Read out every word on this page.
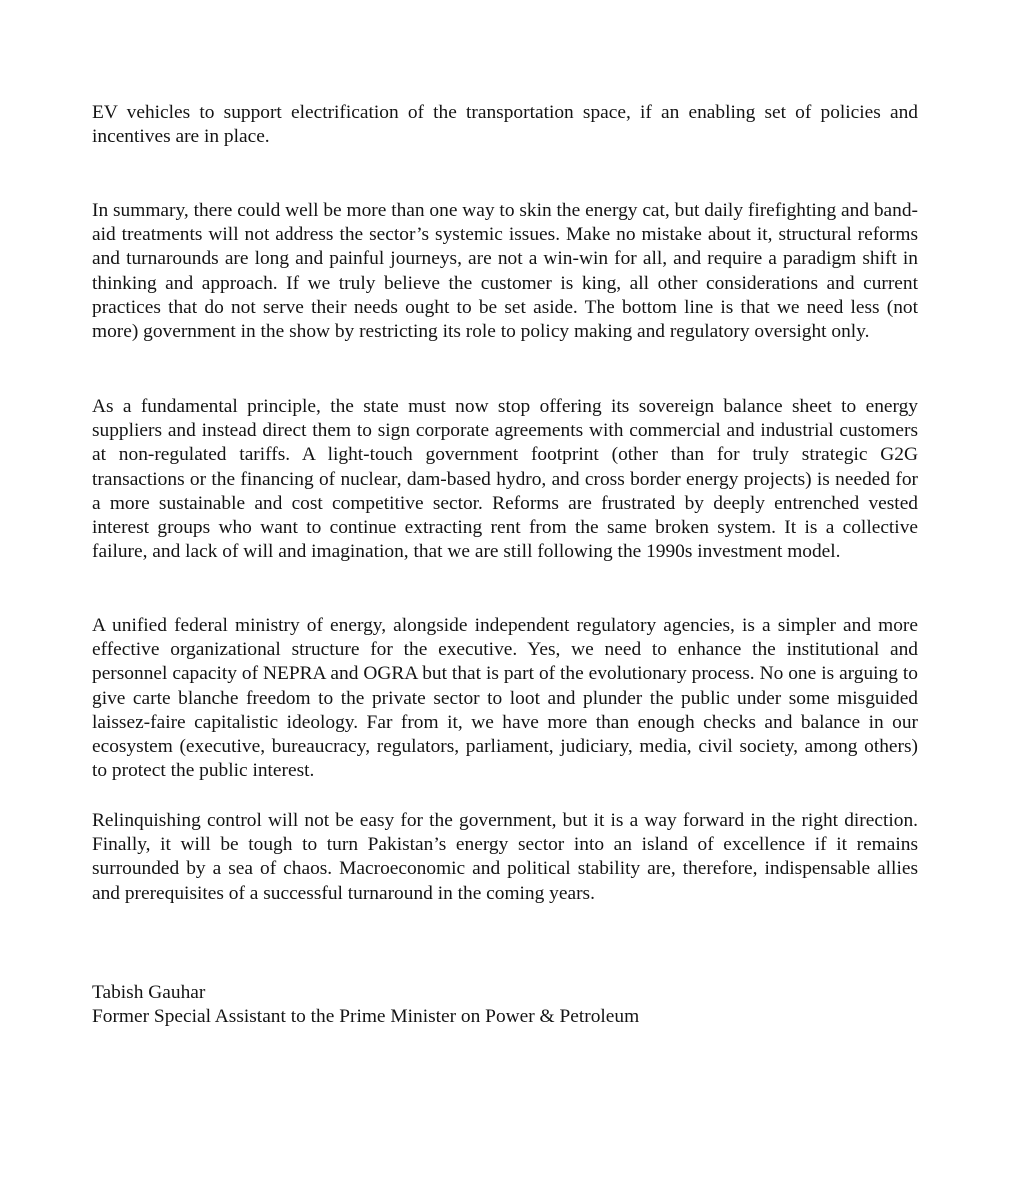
EV vehicles to support electrification of the transportation space, if an enabling set of policies and incentives are in place.

In summary, there could well be more than one way to skin the energy cat, but daily firefighting and band-aid treatments will not address the sector’s systemic issues. Make no mistake about it, structural reforms and turnarounds are long and painful journeys, are not a win-win for all, and require a paradigm shift in thinking and approach. If we truly believe the customer is king, all other considerations and current practices that do not serve their needs ought to be set aside. The bottom line is that we need less (not more) government in the show by restricting its role to policy making and regulatory oversight only.

As a fundamental principle, the state must now stop offering its sovereign balance sheet to energy suppliers and instead direct them to sign corporate agreements with commercial and industrial customers at non-regulated tariffs. A light-touch government footprint (other than for truly strategic G2G transactions or the financing of nuclear, dam-based hydro, and cross border energy projects) is needed for a more sustainable and cost competitive sector. Reforms are frustrated by deeply entrenched vested interest groups who want to continue extracting rent from the same broken system. It is a collective failure, and lack of will and imagination, that we are still following the 1990s investment model.

A unified federal ministry of energy, alongside independent regulatory agencies, is a simpler and more effective organizational structure for the executive. Yes, we need to enhance the institutional and personnel capacity of NEPRA and OGRA but that is part of the evolutionary process. No one is arguing to give carte blanche freedom to the private sector to loot and plunder the public under some misguided laissez-faire capitalistic ideology. Far from it, we have more than enough checks and balance in our ecosystem (executive, bureaucracy, regulators, parliament, judiciary, media, civil society, among others) to protect the public interest.

Relinquishing control will not be easy for the government, but it is a way forward in the right direction. Finally, it will be tough to turn Pakistan’s energy sector into an island of excellence if it remains surrounded by a sea of chaos. Macroeconomic and political stability are, therefore, indispensable allies and prerequisites of a successful turnaround in the coming years.

Tabish Gauhar
Former Special Assistant to the Prime Minister on Power & Petroleum
